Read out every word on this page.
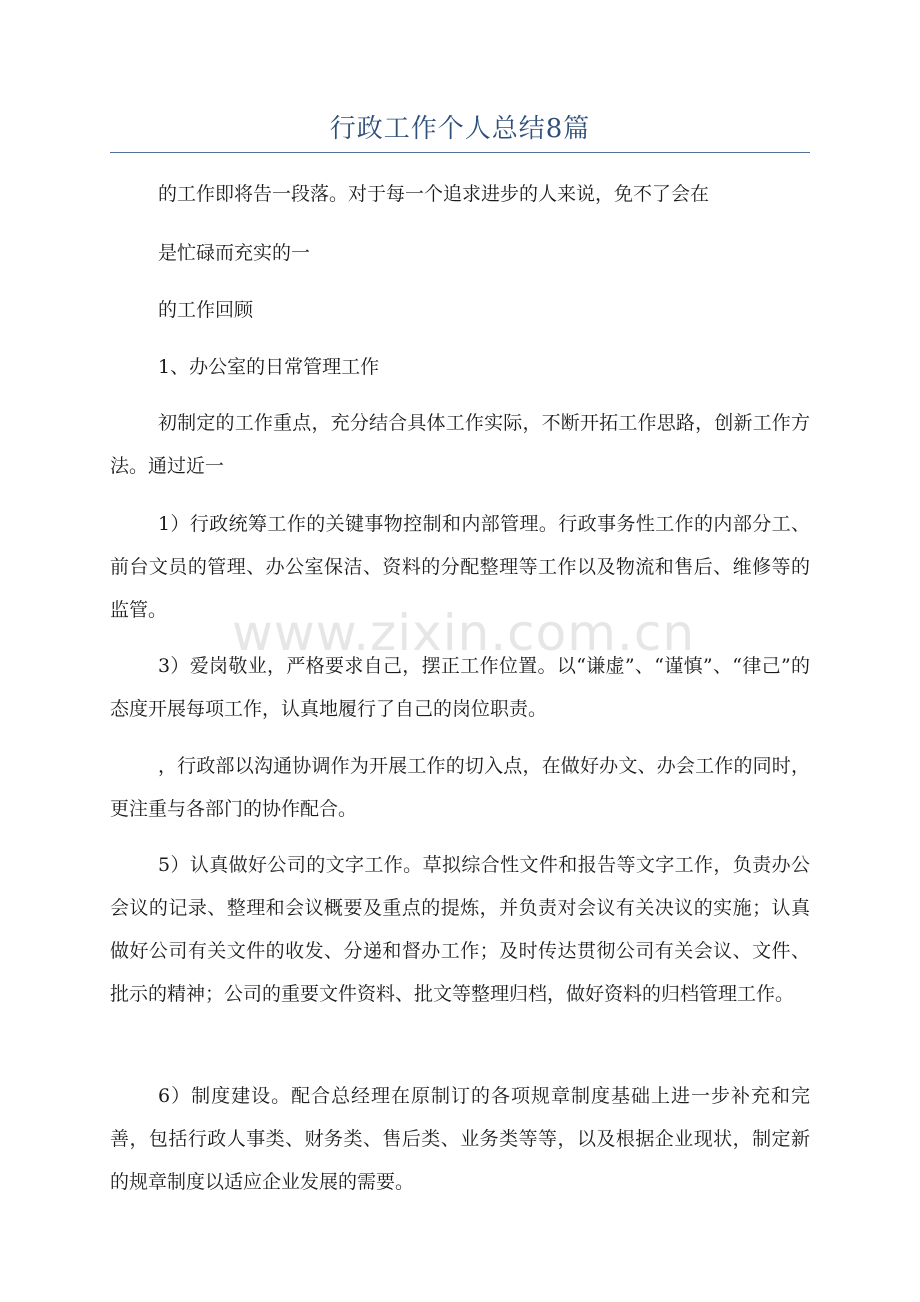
行政工作个人总结8篇

的工作即将告一段落。对于每一个追求进步的人来说，免不了会在

是忙碌而充实的一

的工作回顾

1、办公室的日常管理工作

初制定的工作重点，充分结合具体工作实际，不断开拓工作思路，创新工作方法。通过近一

1）行政统筹工作的关键事物控制和内部管理。行政事务性工作的内部分工、前台文员的管理、办公室保洁、资料的分配整理等工作以及物流和售后、维修等的监管。

3）爱岗敬业，严格要求自己，摆正工作位置。以“谦虚”、“谨慎”、“律己”的态度开展每项工作，认真地履行了自己的岗位职责。

，行政部以沟通协调作为开展工作的切入点，在做好办文、办会工作的同时，更注重与各部门的协作配合。

5）认真做好公司的文字工作。草拟综合性文件和报告等文字工作，负责办公会议的记录、整理和会议概要及重点的提炼，并负责对会议有关决议的实施；认真做好公司有关文件的收发、分递和督办工作；及时传达贯彻公司有关会议、文件、批示的精神；公司的重要文件资料、批文等整理归档，做好资料的归档管理工作。

6）制度建设。配合总经理在原制订的各项规章制度基础上进一步补充和完善，包括行政人事类、财务类、售后类、业务类等等，以及根据企业现状，制定新的规章制度以适应企业发展的需要。

www.zixin.com.cn
